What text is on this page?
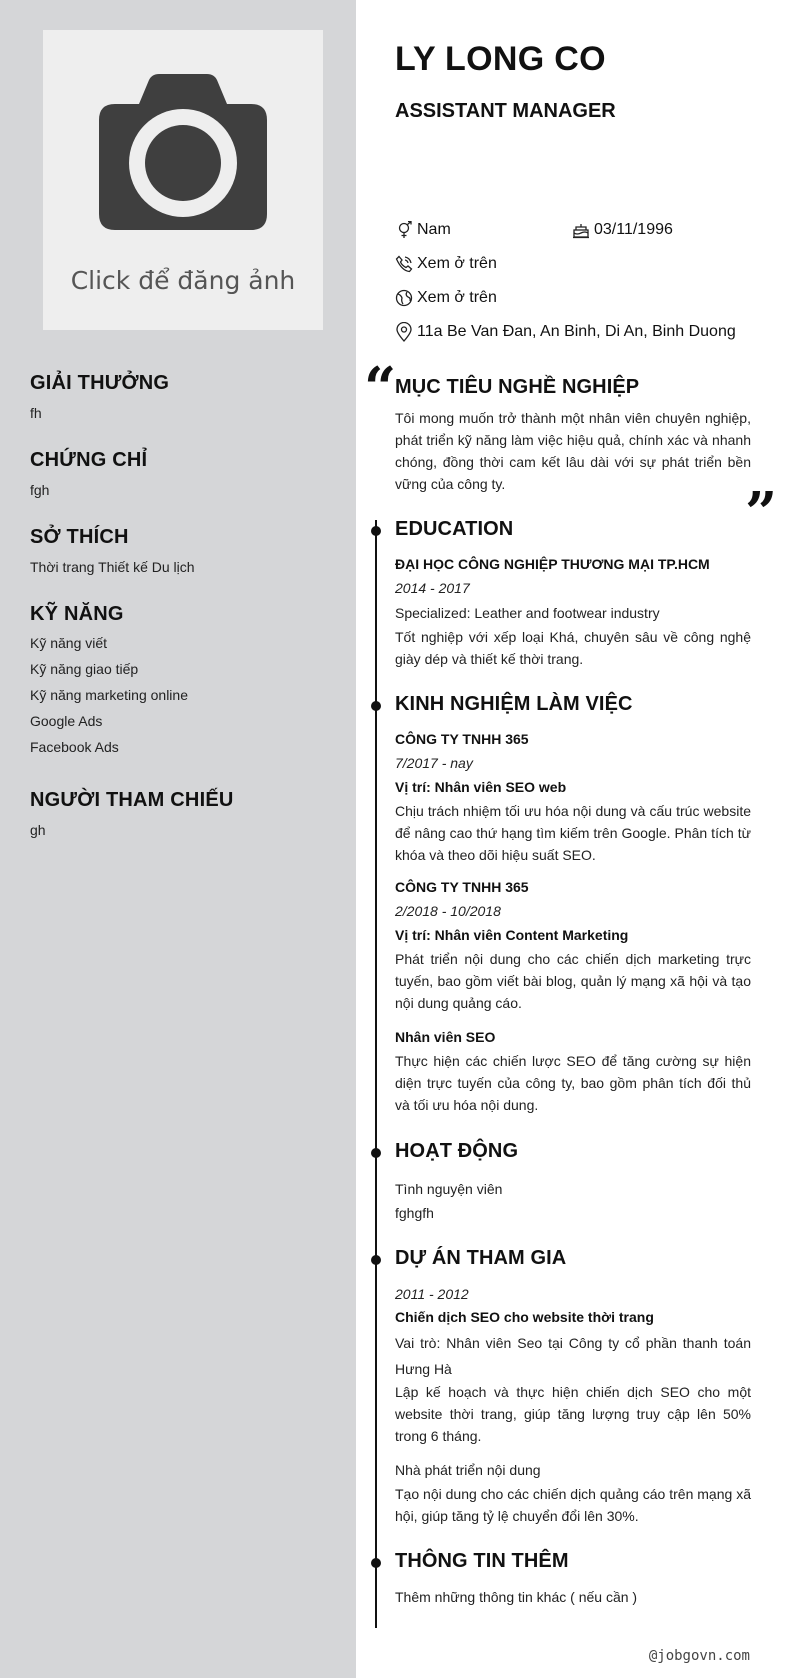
Click để đăng ảnh
GIẢI THƯỞNG
fh
CHỨNG CHỈ
fgh
SỞ THÍCH
Thời trang Thiết kế Du lịch
KỸ NĂNG
Kỹ năng viết
Kỹ năng giao tiếp
Kỹ năng marketing online
Google Ads
Facebook Ads
NGƯỜI THAM CHIẾU
gh
LY LONG CO
ASSISTANT MANAGER
Nam	03/11/1996
Xem ở trên
Xem ở trên
11a Be Van Đan, An Binh, Di An, Binh Duong
“
MỤC TIÊU NGHỀ NGHIỆP
Tôi mong muốn trở thành một nhân viên chuyên nghiệp, phát triển kỹ năng làm việc hiệu quả, chính xác và nhanh chóng, đồng thời cam kết lâu dài với sự phát triển bền vững của công ty.	”
EDUCATION
ĐẠI HỌC CÔNG NGHIỆP THƯƠNG MẠI TP.HCM
2014 - 2017
Specialized: Leather and footwear industry
Tốt nghiệp với xếp loại Khá, chuyên sâu về công nghệ giày dép và thiết kế thời trang.
KINH NGHIỆM LÀM VIỆC
CÔNG TY TNHH 365
7/2017 - nay
Vị trí: Nhân viên SEO web
Chịu trách nhiệm tối ưu hóa nội dung và cấu trúc website để nâng cao thứ hạng tìm kiếm trên Google. Phân tích từ khóa và theo dõi hiệu suất SEO.
CÔNG TY TNHH 365
2/2018 - 10/2018
Vị trí: Nhân viên Content Marketing
Phát triển nội dung cho các chiến dịch marketing trực tuyến, bao gồm viết bài blog, quản lý mạng xã hội và tạo nội dung quảng cáo.
Nhân viên SEO
Thực hiện các chiến lược SEO để tăng cường sự hiện diện trực tuyến của công ty, bao gồm phân tích đối thủ và tối ưu hóa nội dung.
HOẠT ĐỘNG
Tình nguyện viên
fghgfh
DỰ ÁN THAM GIA
2011 - 2012
Chiến dịch SEO cho website thời trang
Vai trò: Nhân viên Seo tại Công ty cổ phần thanh toán Hưng Hà
Lập kế hoạch và thực hiện chiến dịch SEO cho một website thời trang, giúp tăng lượng truy cập lên 50% trong 6 tháng.
Nhà phát triển nội dung
Tạo nội dung cho các chiến dịch quảng cáo trên mạng xã hội, giúp tăng tỷ lệ chuyển đổi lên 30%.
THÔNG TIN THÊM
Thêm những thông tin khác ( nếu cần )
@jobgovn.com
